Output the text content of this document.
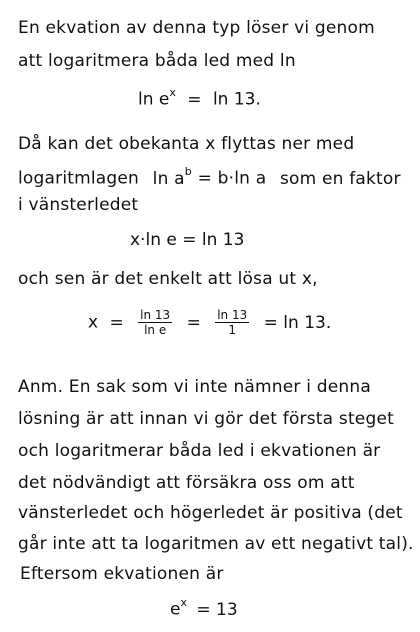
En ekvation av denna typ löser vi genom
att logaritmera båda led med ln
$\ln e^x = \ln 13$.
Då kan det obekanta x flyttas ner med
logaritmlagen $\ln a^b = b\cdot\ln$ a som en faktor
i vänsterledet
x·ln e = ln 13
och sen är det enkelt att lösa ut x,
$x = \frac{\ln 13}{\text{ln e}} = \frac{\ln 13}{1} = \ln 13$.
Anm. En sak som vi inte nämner i denna
lösning är att innan vi gör det första steget
och logaritmerar båda led i ekvationen är
det nödvändigt att försäkra oss om att
vänsterledet och högerledet är positiva (det
går inte att ta logaritmen av ett negativt tal).
Eftersom ekvationen är
$e^x = 13$
